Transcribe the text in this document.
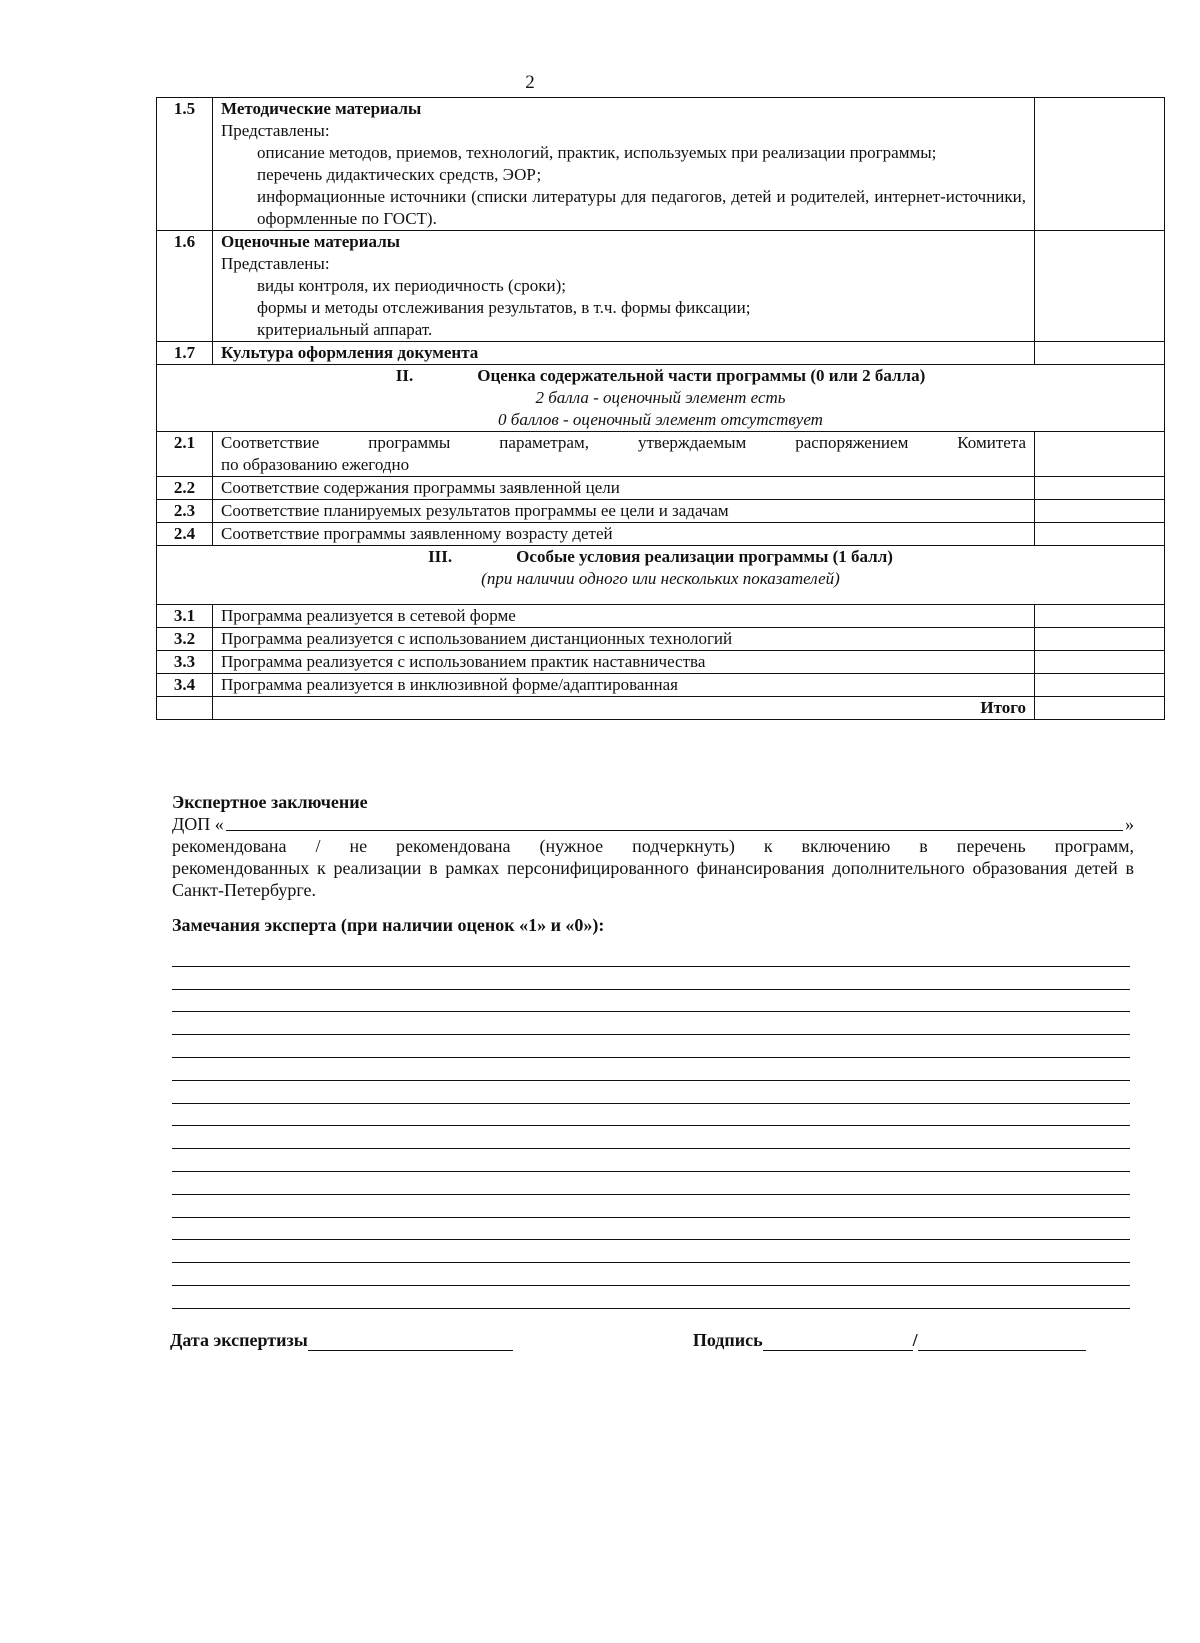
2
1.5	Методические материалы
Представлены:
описание методов, приемов, технологий, практик, используемых при реализации программы;
перечень дидактических средств, ЭОР;
информационные источники (списки литературы для педагогов, детей и родителей, интернет-источники, оформленные по ГОСТ).	

1.6	Оценочные материалы
Представлены:
виды контроля, их периодичность (сроки);
формы и методы отслеживания результатов, в т.ч. формы фиксации;
критериальный аппарат.	

1.7	Культура оформления документа	

II. Оценка содержательной части программы (0 или 2 балла)
2 балла - оценочный элемент есть
0 баллов - оценочный элемент отсутствует		

2.1	Соответствие программы параметрам, утверждаемым распоряжением Комитета
по образованию ежегодно	

2.2	Соответствие содержания программы заявленной цели	
2.3	Соответствие планируемых результатов программы ее цели и задачам	
2.4	Соответствие программы заявленному возрасту детей	

III. Особые условия реализации программы (1 балл)
(при наличии одного или нескольких показателей)		

3.1	Программа реализуется в сетевой форме	
3.2	Программа реализуется с использованием дистанционных технологий	
3.3	Программа реализуется с использованием практик наставничества	
3.4	Программа реализуется в инклюзивной форме/адаптированная	
	Итого	
Экспертное заключение
ДОП «	»
рекомендована / не рекомендована (нужное подчеркнуть) к включению в перечень программ,
рекомендованных к реализации в рамках персонифицированного финансирования дополнительного образования детей в Санкт-Петербурге.
Замечания эксперта (при наличии оценок «1» и «0»):
Дата экспертизы	Подпись	/
